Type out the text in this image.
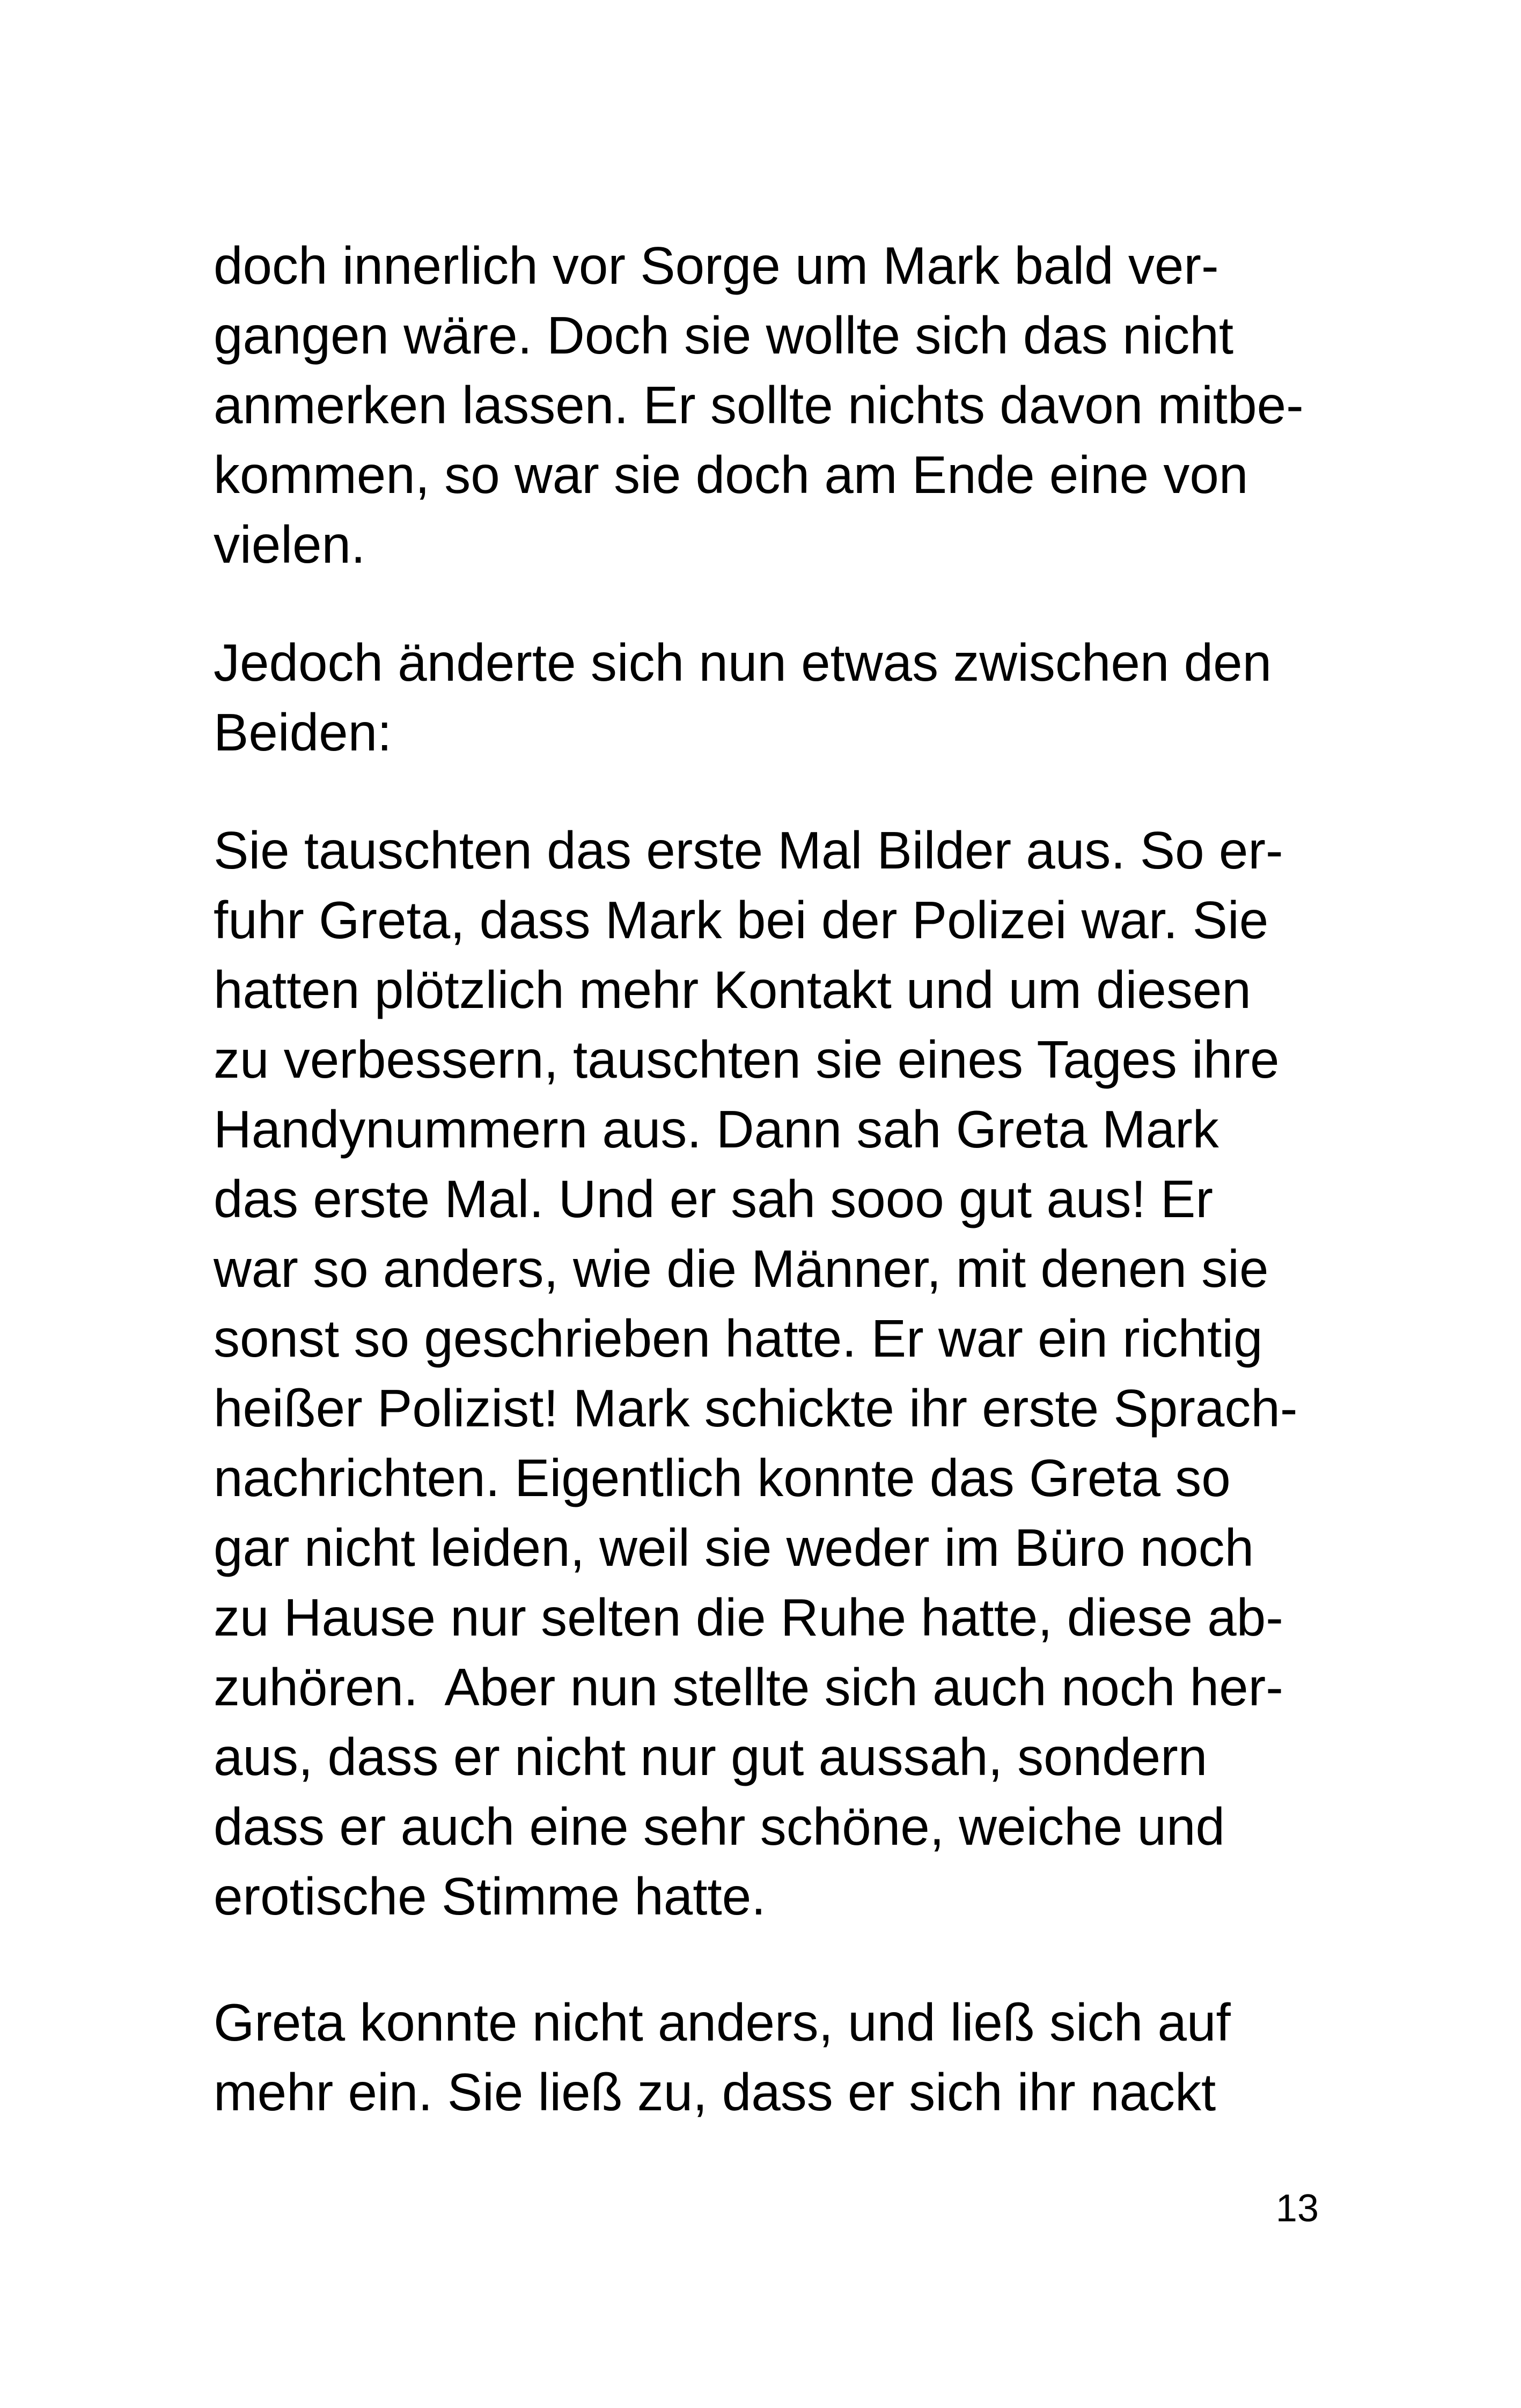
doch innerlich vor Sorge um Mark bald ver-
gangen wäre. Doch sie wollte sich das nicht
anmerken lassen. Er sollte nichts davon mitbe-
kommen, so war sie doch am Ende eine von
vielen.
Jedoch änderte sich nun etwas zwischen den
Beiden:
Sie tauschten das erste Mal Bilder aus. So er-
fuhr Greta, dass Mark bei der Polizei war. Sie
hatten plötzlich mehr Kontakt und um diesen
zu verbessern, tauschten sie eines Tages ihre
Handynummern aus. Dann sah Greta Mark
das erste Mal. Und er sah sooo gut aus! Er
war so anders, wie die Männer, mit denen sie
sonst so geschrieben hatte. Er war ein richtig
heißer Polizist! Mark schickte ihr erste Sprach-
nachrichten. Eigentlich konnte das Greta so
gar nicht leiden, weil sie weder im Büro noch
zu Hause nur selten die Ruhe hatte, diese ab-
zuhören.  Aber nun stellte sich auch noch her-
aus, dass er nicht nur gut aussah, sondern
dass er auch eine sehr schöne, weiche und
erotische Stimme hatte.
Greta konnte nicht anders, und ließ sich auf
mehr ein. Sie ließ zu, dass er sich ihr nackt
13
